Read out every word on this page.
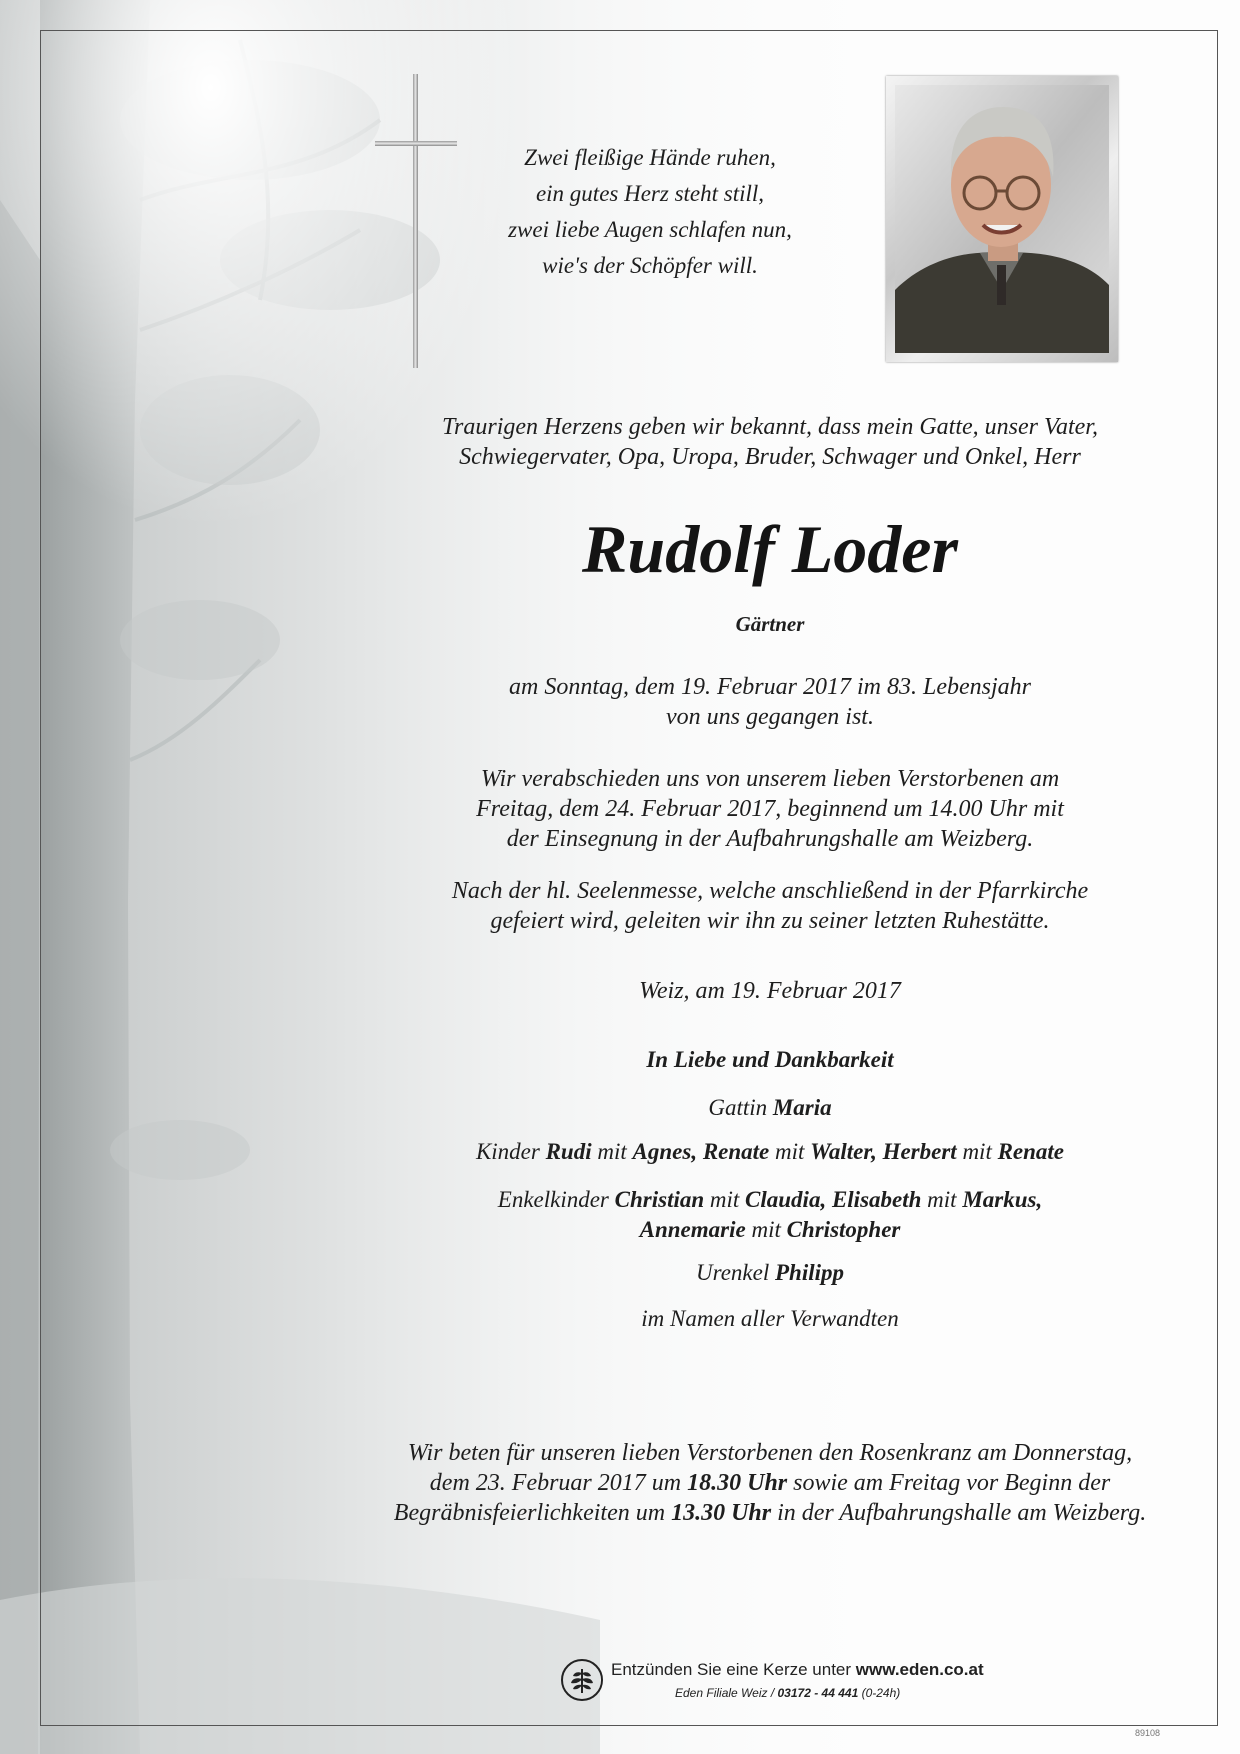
Zwei fleißige Hände ruhen,
ein gutes Herz steht still,
zwei liebe Augen schlafen nun,
wie's der Schöpfer will.
Traurigen Herzens geben wir bekannt, dass mein Gatte, unser Vater,
Schwiegervater, Opa, Uropa, Bruder, Schwager und Onkel, Herr
Rudolf Loder
Gärtner
am Sonntag, dem 19. Februar 2017 im 83. Lebensjahr
von uns gegangen ist.
Wir verabschieden uns von unserem lieben Verstorbenen am
Freitag, dem 24. Februar 2017, beginnend um 14.00 Uhr mit
der Einsegnung in der Aufbahrungshalle am Weizberg.
Nach der hl. Seelenmesse, welche anschließend in der Pfarrkirche
gefeiert wird, geleiten wir ihn zu seiner letzten Ruhestätte.
Weiz, am 19. Februar 2017
In Liebe und Dankbarkeit
Gattin Maria
Kinder Rudi mit Agnes, Renate mit Walter, Herbert mit Renate
Enkelkinder Christian mit Claudia, Elisabeth mit Markus,
Annemarie mit Christopher
Urenkel Philipp
im Namen aller Verwandten
Wir beten für unseren lieben Verstorbenen den Rosenkranz am Donnerstag,
dem 23. Februar 2017 um 18.30 Uhr sowie am Freitag vor Beginn der
Begräbnisfeierlichkeiten um 13.30 Uhr in der Aufbahrungshalle am Weizberg.
Entzünden Sie eine Kerze unter www.eden.co.at
Eden Filiale Weiz / 03172 - 44 441 (0-24h)
89108
